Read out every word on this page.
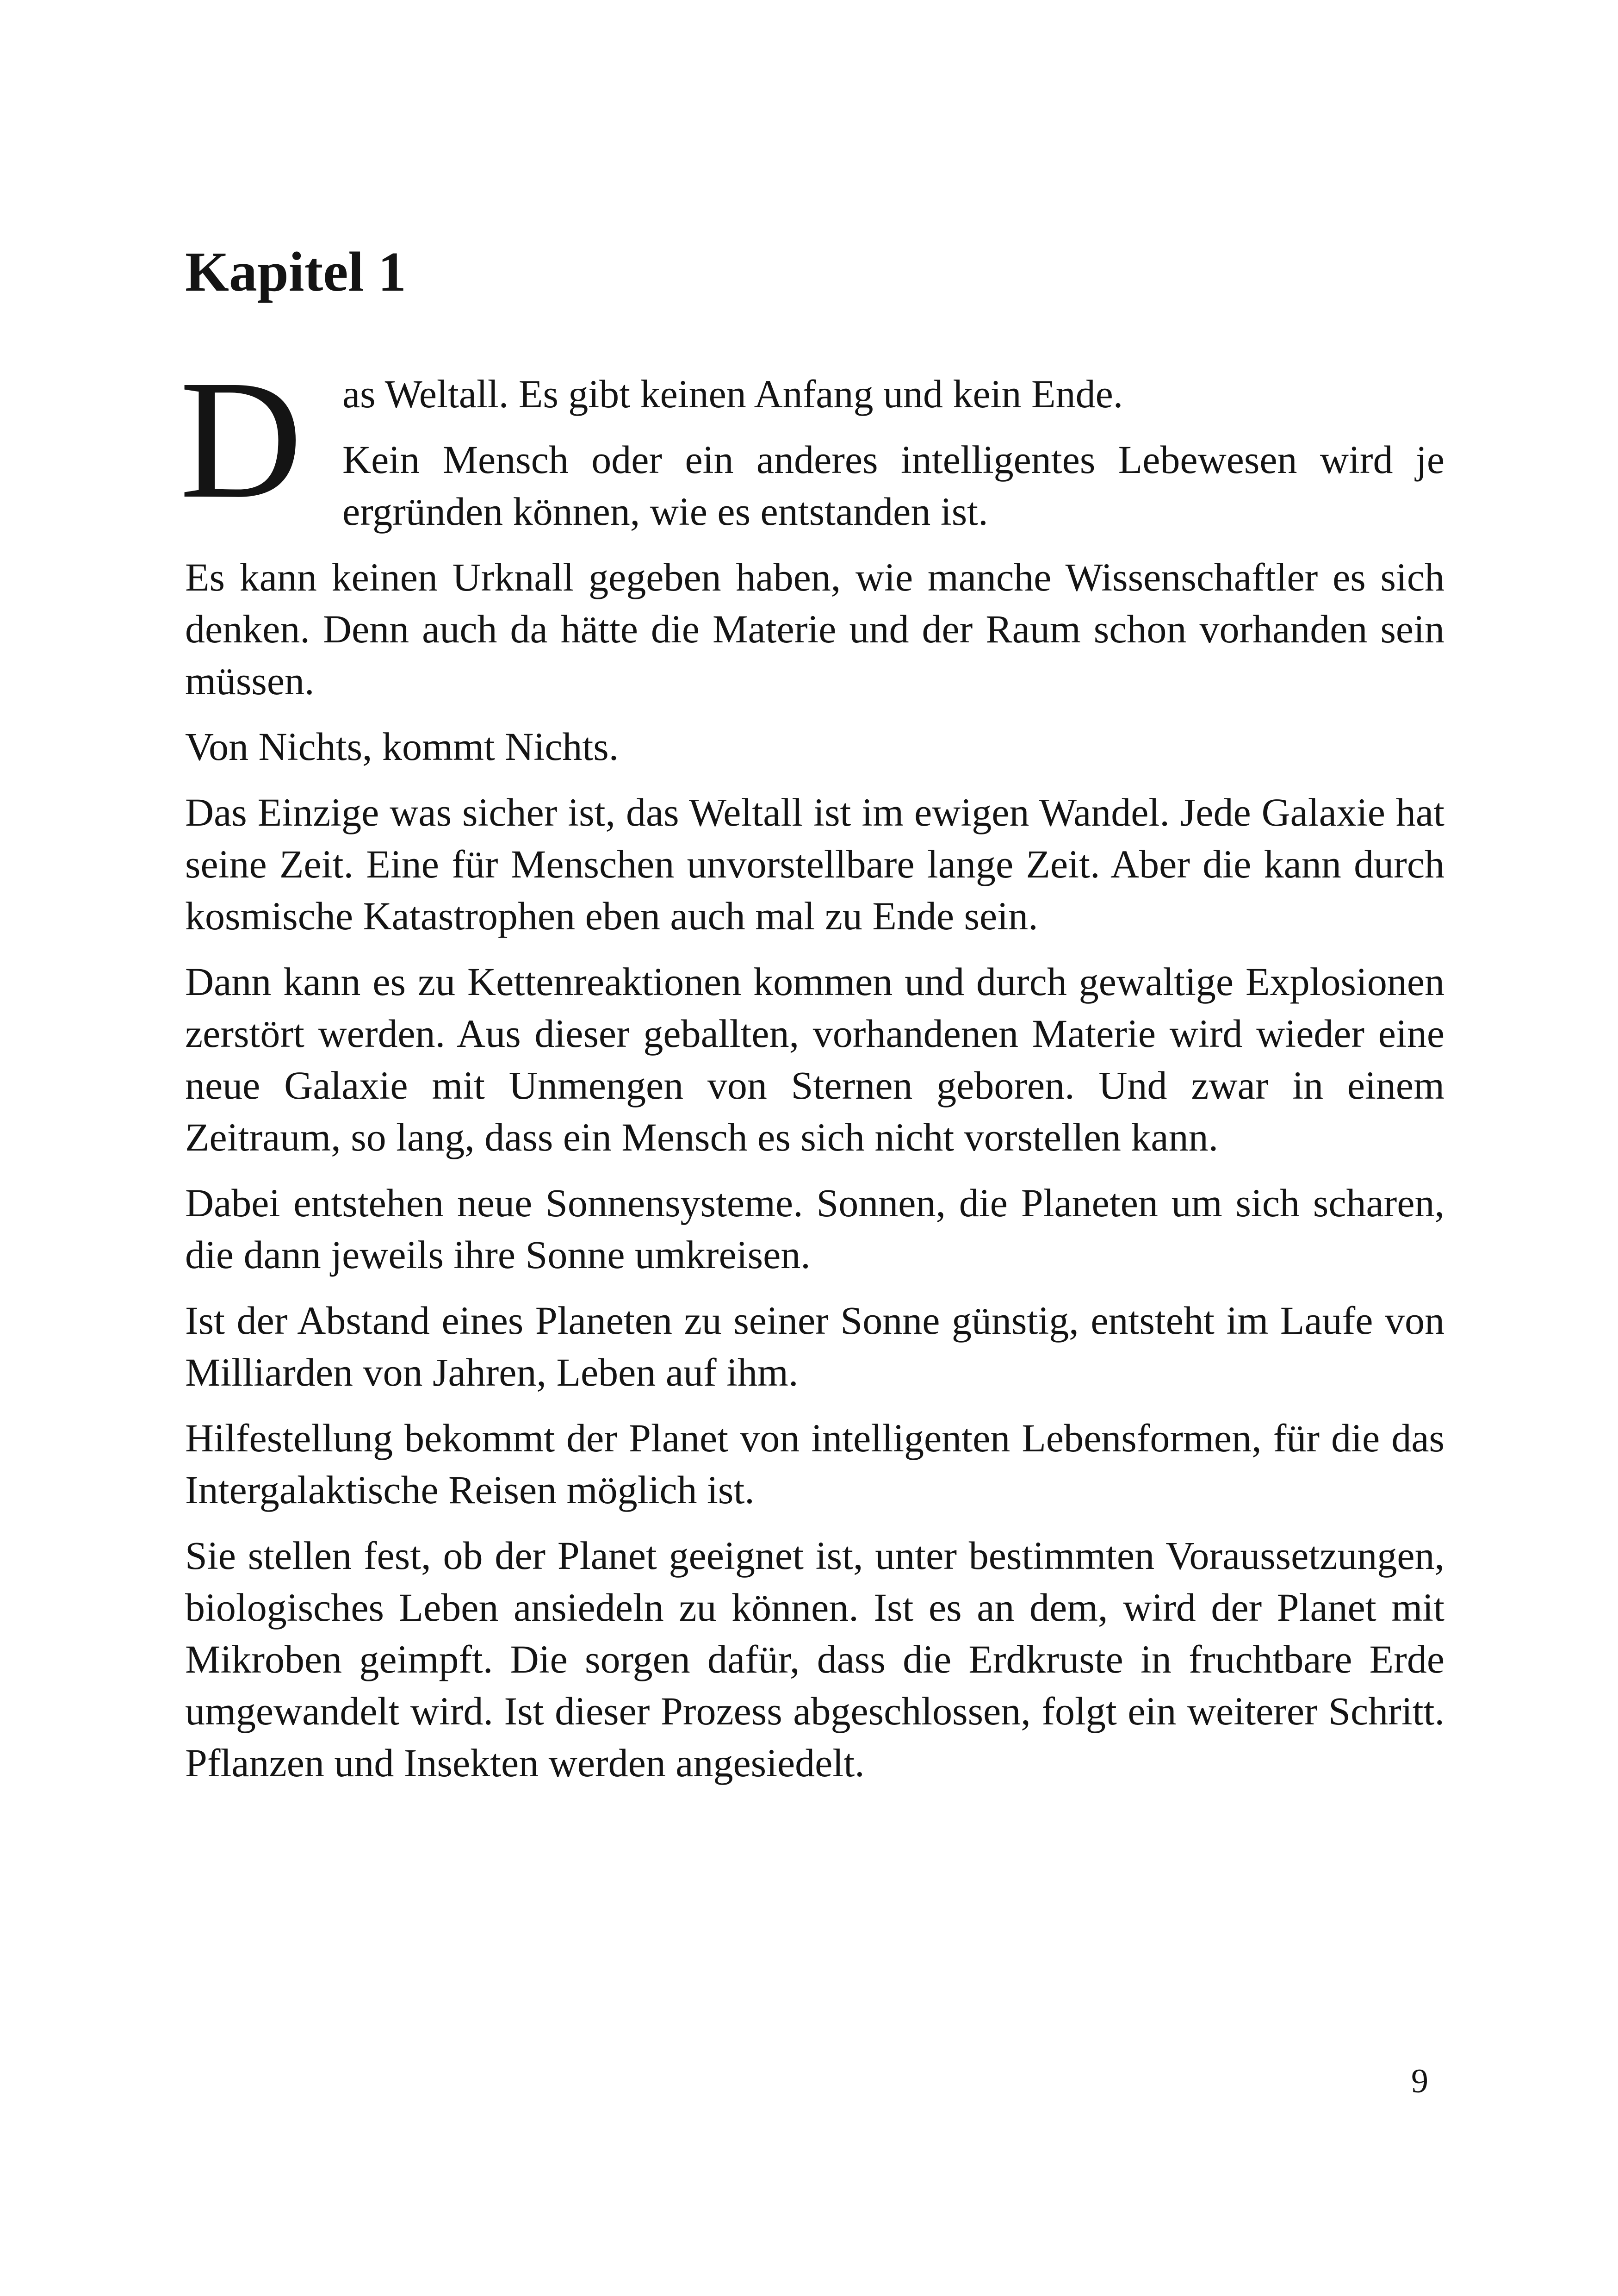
Kapitel 1
D	as Weltall. Es gibt keinen Anfang und kein Ende.

Kein Mensch oder ein anderes intelligentes Lebewesen wird je ergründen können, wie es entstanden ist.

Es kann keinen Urknall gegeben haben, wie manche Wissenschaftler es sich denken. Denn auch da hätte die Materie und der Raum schon vorhanden sein müssen.

Von Nichts, kommt Nichts.

Das Einzige was sicher ist, das Weltall ist im ewigen Wandel. Jede Galaxie hat seine Zeit. Eine für Menschen unvorstellbare lange Zeit. Aber die kann durch kosmische Katastrophen eben auch mal zu Ende sein.

Dann kann es zu Kettenreaktionen kommen und durch gewaltige Explosionen zerstört werden. Aus dieser geballten, vorhandenen Materie wird wieder eine neue Galaxie mit Unmengen von Sternen geboren. Und zwar in einem Zeitraum, so lang, dass ein Mensch es sich nicht vorstellen kann.

Dabei entstehen neue Sonnensysteme. Sonnen, die Planeten um sich scharen, die dann jeweils ihre Sonne umkreisen.

Ist der Abstand eines Planeten zu seiner Sonne günstig, entsteht im Laufe von Milliarden von Jahren, Leben auf ihm.

Hilfestellung bekommt der Planet von intelligenten Lebensformen, für die das Intergalaktische Reisen möglich ist.

Sie stellen fest, ob der Planet geeignet ist, unter bestimmten Voraussetzungen, biologisches Leben ansiedeln zu können. Ist es an dem, wird der Planet mit Mikroben geimpft. Die sorgen dafür, dass die Erdkruste in fruchtbare Erde umgewandelt wird. Ist dieser Prozess abgeschlossen, folgt ein weiterer Schritt. Pflanzen und Insekten werden angesiedelt.

9
